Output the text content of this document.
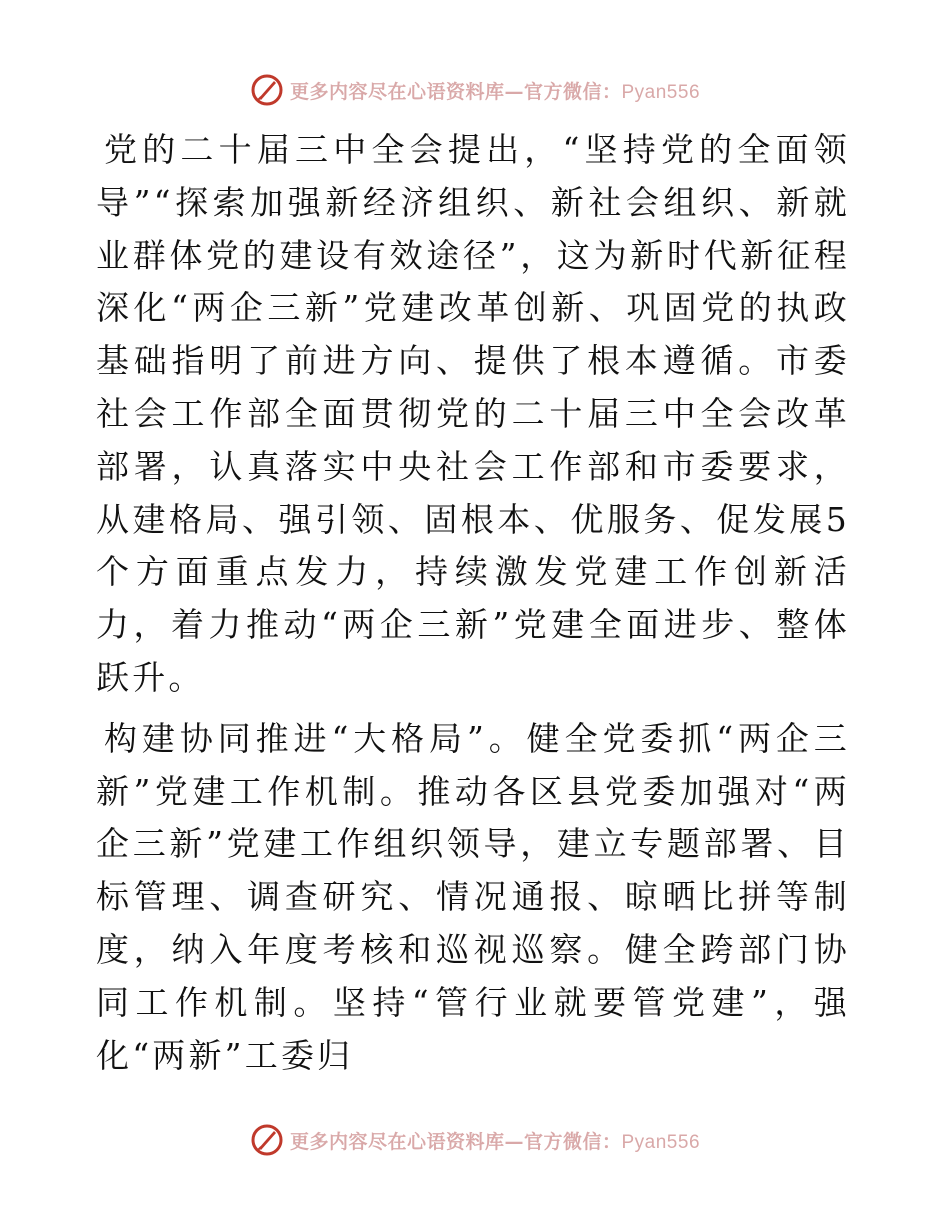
更多内容尽在心语资料库—官方微信：Pyan556

党的二十届三中全会提出，“坚持党的全面领导”“探索加强新经济组织、新社会组织、新就业群体党的建设有效途径”，这为新时代新征程深化“两企三新”党建改革创新、巩固党的执政基础指明了前进方向、提供了根本遵循。市委社会工作部全面贯彻党的二十届三中全会改革部署，认真落实中央社会工作部和市委要求，从建格局、强引领、固根本、优服务、促发展5个方面重点发力，持续激发党建工作创新活力，着力推动“两企三新”党建全面进步、整体跃升。

构建协同推进“大格局”。健全党委抓“两企三新”党建工作机制。推动各区县党委加强对“两企三新”党建工作组织领导，建立专题部署、目标管理、调查研究、情况通报、晾晒比拼等制度，纳入年度考核和巡视巡察。健全跨部门协同工作机制。坚持“管行业就要管党建”，强化“两新”工委归

更多内容尽在心语资料库—官方微信：Pyan556
